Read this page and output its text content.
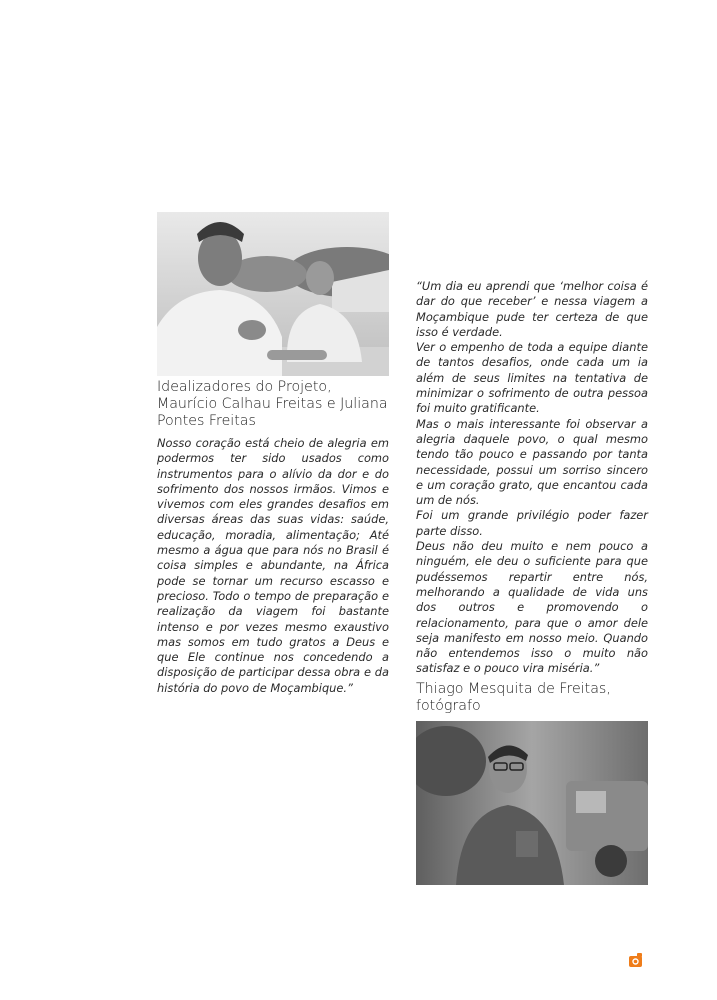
Idealizadores do Projeto,
Maurício Calhau Freitas e Juliana
Pontes Freitas

Nosso coração está cheio de alegria em podermos ter sido usados como instrumentos para o alívio da dor e do sofrimento dos nossos irmãos. Vimos e vivemos com eles grandes desafios em diversas áreas das suas vidas: saúde, educação, moradia, alimentação; Até mesmo a água que para nós no Brasil é coisa simples e abundante, na África pode se tornar um recurso escasso e precioso. Todo o tempo de preparação e realização da viagem foi bastante intenso e por vezes mesmo exaustivo mas somos em tudo gratos a Deus e que Ele continue nos concedendo a disposição de participar dessa obra e da história do povo de Moçambique.”

“Um dia eu aprendi que ‘melhor coisa é dar do que receber’ e nessa viagem a Moçambique pude ter certeza de que isso é verdade.

Ver o empenho de toda a equipe diante de tantos desafios, onde cada um ia além de seus limites na tentativa de minimizar o sofrimento de outra pessoa foi muito gratificante.

Mas o mais interessante foi observar a alegria daquele povo, o qual mesmo tendo tão pouco e passando por tanta necessidade, possui um sorriso sincero e um coração grato, que encantou cada um de nós.

Foi um grande privilégio poder fazer parte disso.

Deus não deu muito e nem pouco a ninguém, ele deu o suficiente para que pudéssemos repartir entre nós, melhorando a qualidade de vida uns dos outros e promovendo o relacionamento, para que o amor dele seja manifesto em nosso meio. Quando não entendemos isso o muito não satisfaz e o pouco vira miséria.”

Thiago Mesquita de Freitas,
fotógrafo
